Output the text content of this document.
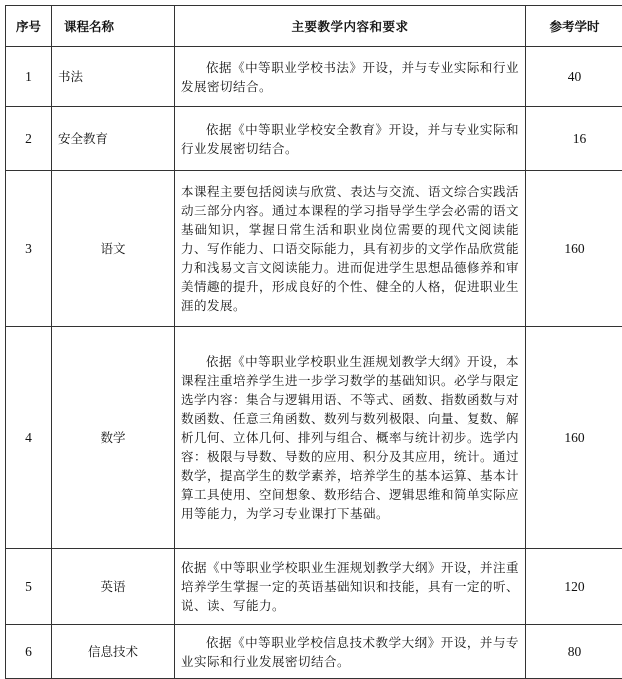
序号	课程名称	主要教学内容和要求	参考学时
1	书法	依据《中等职业学校书法》开设，并与专业实际和行业发展密切结合。	40
2	安全教育	依据《中等职业学校安全教育》开设，并与专业实际和行业发展密切结合。	16
3	语文	本课程主要包括阅读与欣赏、表达与交流、语文综合实践活动三部分内容。通过本课程的学习指导学生学会必需的语文基础知识，掌握日常生活和职业岗位需要的现代文阅读能力、写作能力、口语交际能力，具有初步的文学作品欣赏能力和浅易文言文阅读能力。进而促进学生思想品德修养和审美情趣的提升，形成良好的个性、健全的人格，促进职业生涯的发展。	160
4	数学	依据《中等职业学校职业生涯规划教学大纲》开设，本课程注重培养学生进一步学习数学的基础知识。必学与限定选学内容：集合与逻辑用语、不等式、函数、指数函数与对数函数、任意三角函数、数列与数列极限、向量、复数、解析几何、立体几何、排列与组合、概率与统计初步。选学内容：极限与导数、导数的应用、积分及其应用，统计。通过数学，提高学生的数学素养，培养学生的基本运算、基本计算工具使用、空间想象、数形结合、逻辑思维和简单实际应用等能力，为学习专业课打下基础。	160
5	英语	依据《中等职业学校职业生涯规划教学大纲》开设，并注重培养学生掌握一定的英语基础知识和技能，具有一定的听、说、读、写能力。	120
6	信息技术	依据《中等职业学校信息技术教学大纲》开设，并与专业实际和行业发展密切结合。	80
